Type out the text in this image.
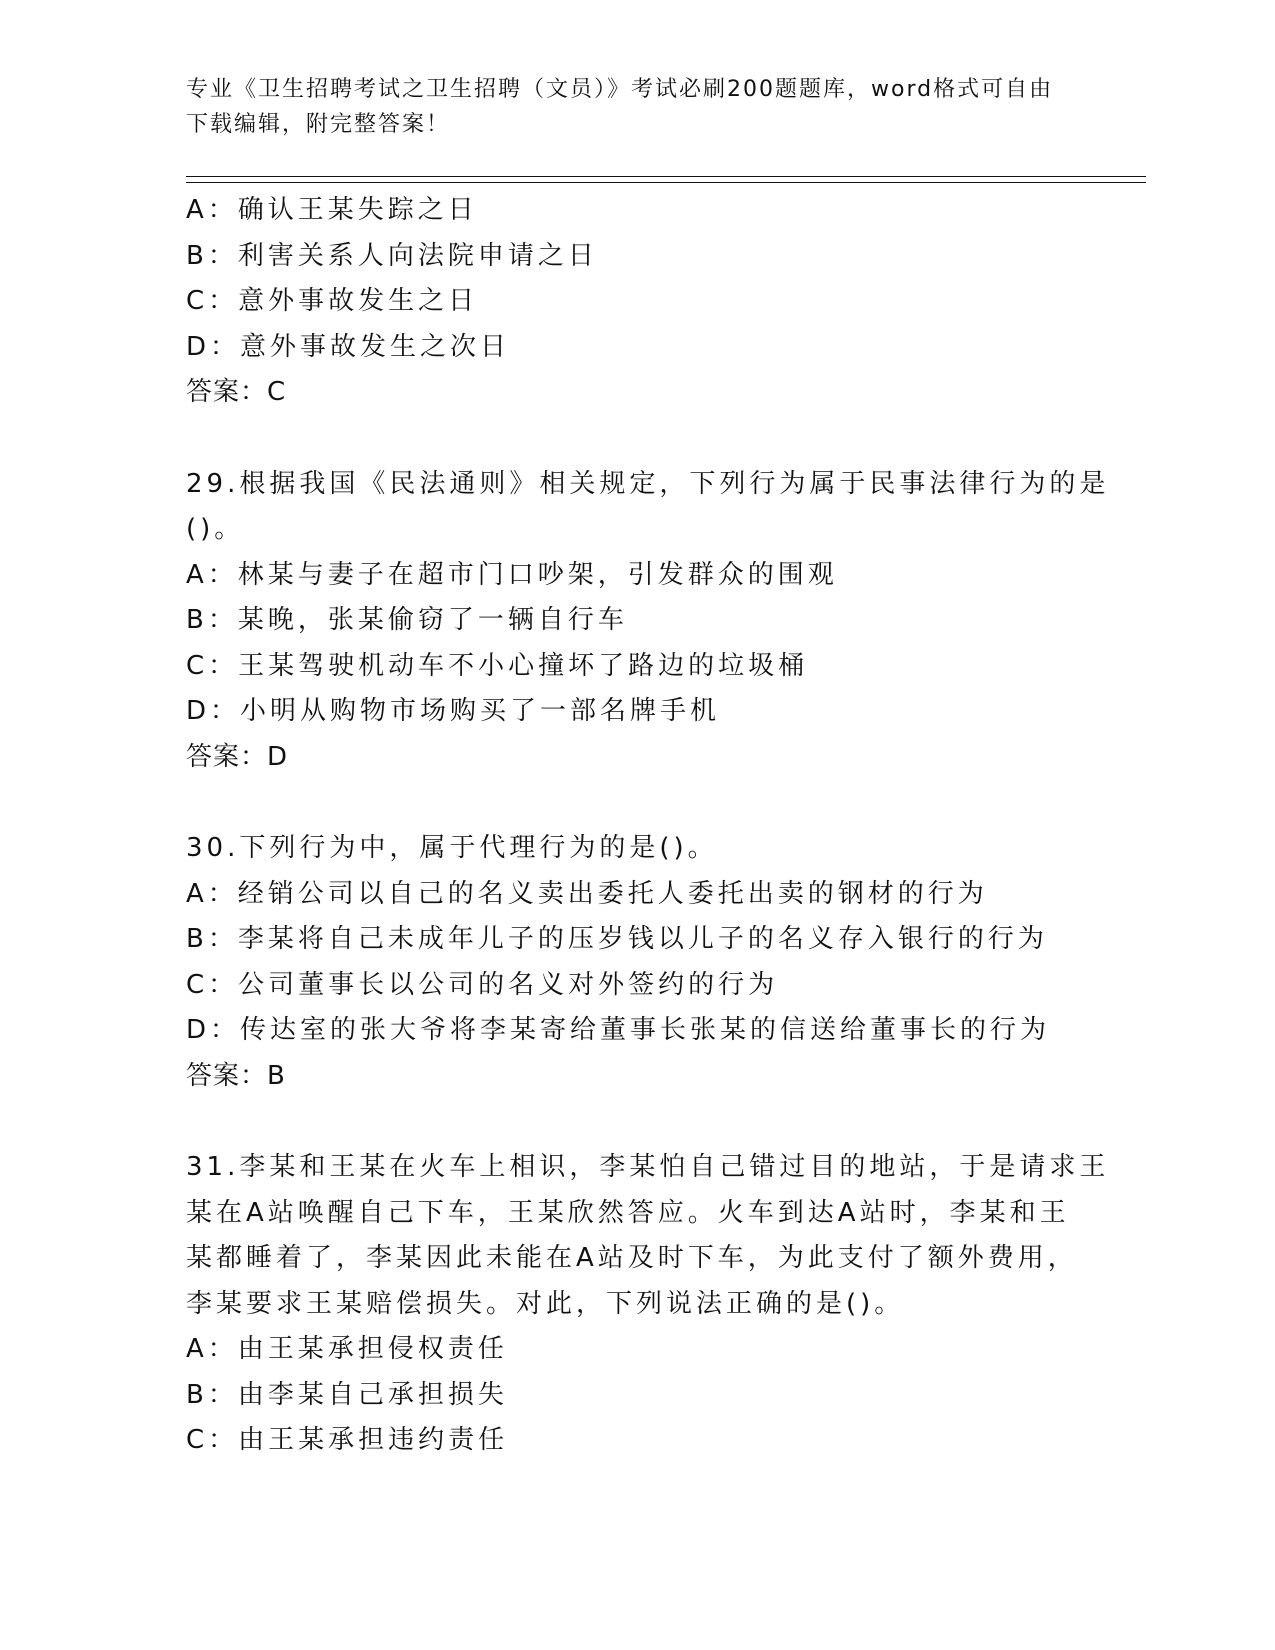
专业《卫生招聘考试之卫生招聘（文员）》考试必刷200题题库，word格式可自由下载编辑，附完整答案！
A：确认王某失踪之日
B：利害关系人向法院申请之日
C：意外事故发生之日
D：意外事故发生之次日
答案：C
29.根据我国《民法通则》相关规定，下列行为属于民事法律行为的是
()。
A：林某与妻子在超市门口吵架，引发群众的围观
B：某晚，张某偷窃了一辆自行车
C：王某驾驶机动车不小心撞坏了路边的垃圾桶
D：小明从购物市场购买了一部名牌手机
答案：D
30.下列行为中，属于代理行为的是()。
A：经销公司以自己的名义卖出委托人委托出卖的钢材的行为
B：李某将自己未成年儿子的压岁钱以儿子的名义存入银行的行为
C：公司董事长以公司的名义对外签约的行为
D：传达室的张大爷将李某寄给董事长张某的信送给董事长的行为
答案：B
31.李某和王某在火车上相识，李某怕自己错过目的地站，于是请求王
某在A站唤醒自己下车，王某欣然答应。火车到达A站时，李某和王
某都睡着了，李某因此未能在A站及时下车，为此支付了额外费用，
李某要求王某赔偿损失。对此，下列说法正确的是()。
A：由王某承担侵权责任
B：由李某自己承担损失
C：由王某承担违约责任
